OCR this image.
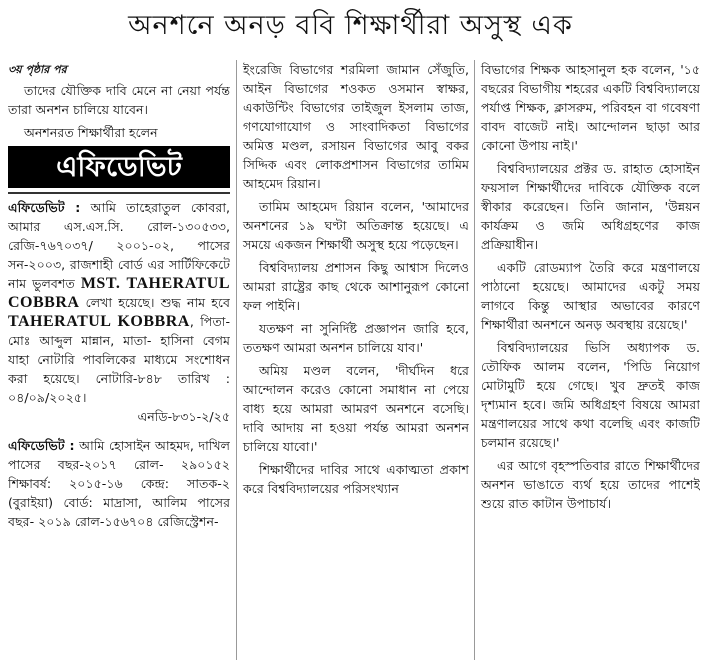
অনশনে অনড় ববি শিক্ষার্থীরা অসুস্থ এক
৩য় পৃষ্ঠার পর

তাদের যৌক্তিক দাবি মেনে না নেয়া পর্যন্ত তারা অনশন চালিয়ে যাবেন।

অনশনরত শিক্ষার্থীরা হলেন

এফিডেভিট
এফিডেভিট : আমি তাহেরাতুল কোবরা, আমার এস.এস.সি. রোল-১৩০৫৩৩, রেজি-৭৬৭০৩৭/ ২০০১-০২, পাসের সন-২০০৩, রাজশাহী বোর্ড এর সার্টিফিকেটে নাম ভুলবশত MST. TAHERATUL COBBRA লেখা হয়েছে। শুদ্ধ নাম হবে TAHERATUL KOBBRA, পিতা- মোঃ আব্দুল মান্নান, মাতা- হাসিনা বেগম যাহা নোটারি পাবলিকের মাধ্যমে সংশোধন করা হয়েছে। নোটারি-৮৪৮ তারিখ : ০৪/০৯/২০২৫।
এনডি-৮৩১-২/২৫
এফিডেভিট : আমি হোসাইন আহমদ, দাখিল পাসের বছর-২০১৭ রোল- ২৯০১৫২ শিক্ষাবর্ষ: ২০১৫-১৬ কেন্দ্র: সাতক-২ (বুরাইয়া) বোর্ড: মাদ্রাসা, আলিম পাসের বছর- ২০১৯ রোল-১৫৬৭০৪ রেজিস্ট্রেশন-

ইংরেজি বিভাগের শরমিলা জামান সেঁজুতি, আইন বিভাগের শওকত ওসমান স্বাক্ষর, একাউন্টিং বিভাগের তাইজুল ইসলাম তাজ, গণযোগাযোগ ও সাংবাদিকতা বিভাগের অমিত্ত মণ্ডল, রসায়ন বিভাগের আবু বকর সিদ্দিক এবং লোকপ্রশাসন বিভাগের তামিম আহমেদ রিয়ান।

তামিম আহমেদ রিয়ান বলেন, 'আমাদের অনশনের ১৯ ঘণ্টা অতিক্রান্ত হয়েছে। এ সময়ে একজন শিক্ষার্থী অসুস্থ হয়ে পড়েছেন।

বিশ্ববিদ্যালয় প্রশাসন কিছু আশ্বাস দিলেও আমরা রাষ্ট্রের কাছ থেকে আশানুরূপ কোনো ফল পাইনি।

যতক্ষণ না সুনির্দিষ্ট প্রজ্ঞাপন জারি হবে, ততক্ষণ আমরা অনশন চালিয়ে যাব।'

অমিয় মণ্ডল বলেন, 'দীর্ঘদিন ধরে আন্দোলন করেও কোনো সমাধান না পেয়ে বাধ্য হয়ে আমরা আমরণ অনশনে বসেছি। দাবি আদায় না হওয়া পর্যন্ত আমরা অনশন চালিয়ে যাবো।'

শিক্ষার্থীদের দাবির সাথে একাত্মতা প্রকাশ করে বিশ্ববিদ্যালয়ের পরিসংখ্যান

বিভাগের শিক্ষক আহসানুল হক বলেন, '১৫ বছরের বিভাগীয় শহরের একটি বিশ্ববিদ্যালয়ে পর্যাপ্ত শিক্ষক, ক্লাসরুম, পরিবহন বা গবেষণা বাবদ বাজেট নাই। আন্দোলন ছাড়া আর কোনো উপায় নাই।'

বিশ্ববিদ্যালয়ের প্রক্টর ড. রাহাত হোসাইন ফয়সাল শিক্ষার্থীদের দাবিকে যৌক্তিক বলে স্বীকার করেছেন। তিনি জানান, 'উন্নয়ন কার্যক্রম ও জমি অধিগ্রহণের কাজ প্রক্রিয়াধীন।

একটি রোডম্যাপ তৈরি করে মন্ত্রণালয়ে পাঠানো হয়েছে। আমাদের একটু সময় লাগবে কিন্তু আস্থার অভাবের কারণে শিক্ষার্থীরা অনশনে অনড় অবস্থায় রয়েছে।'

বিশ্ববিদ্যালয়ের ভিসি অধ্যাপক ড. তৌফিক আলম বলেন, 'পিডি নিয়োগ মোটামুটি হয়ে গেছে। খুব দ্রুতই কাজ দৃশ্যমান হবে। জমি অধিগ্রহণ বিষয়ে আমরা মন্ত্রণালয়ের সাথে কথা বলেছি এবং কাজটি চলমান রয়েছে।'

এর আগে বৃহস্পতিবার রাতে শিক্ষার্থীদের অনশন ভাঙাতে ব্যর্থ হয়ে তাদের পাশেই শুয়ে রাত কাটান উপাচার্য।
